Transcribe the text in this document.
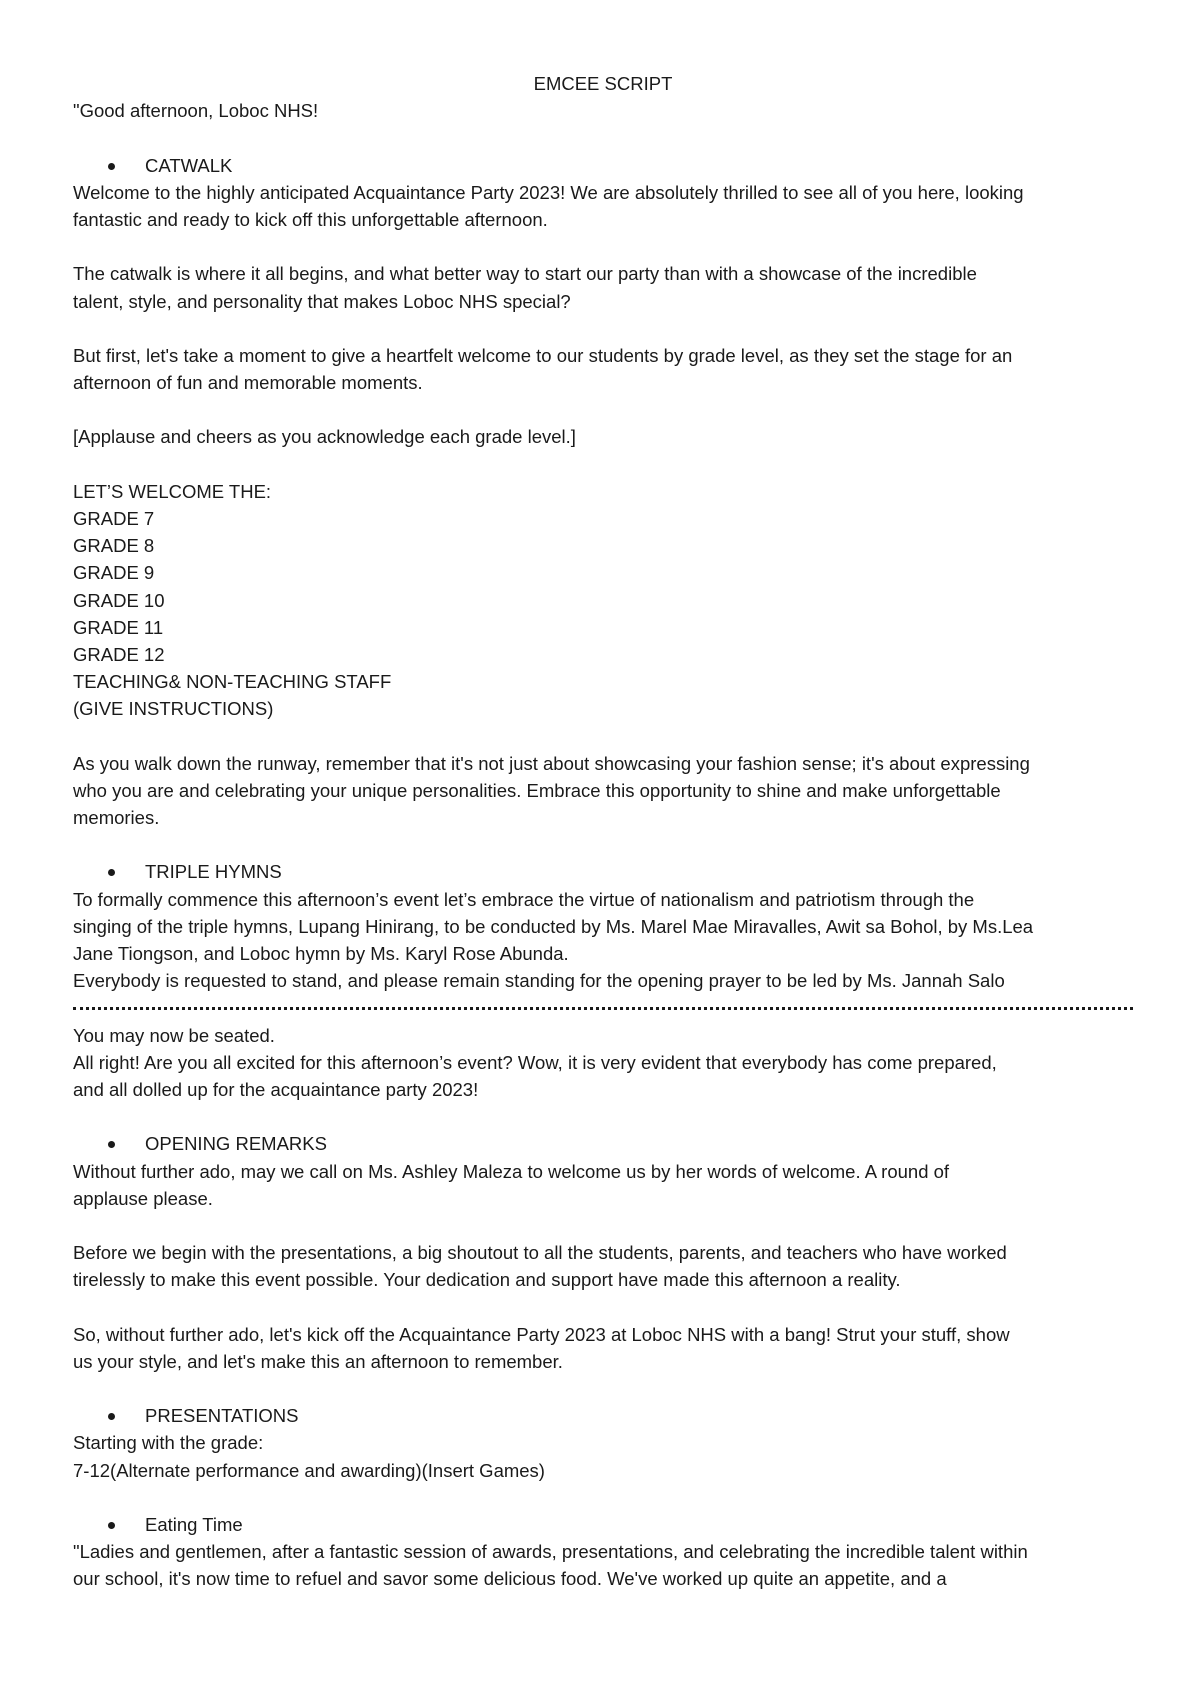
EMCEE SCRIPT
"Good afternoon, Loboc NHS!
CATWALK
Welcome to the highly anticipated Acquaintance Party 2023! We are absolutely thrilled to see all of you here, looking
fantastic and ready to kick off this unforgettable afternoon.
The catwalk is where it all begins, and what better way to start our party than with a showcase of the incredible
talent, style, and personality that makes Loboc NHS special?
But first, let's take a moment to give a heartfelt welcome to our students by grade level, as they set the stage for an
afternoon of fun and memorable moments.
[Applause and cheers as you acknowledge each grade level.]
LET’S WELCOME THE:
GRADE 7
GRADE 8
GRADE 9
GRADE 10
GRADE 11
GRADE 12
TEACHING& NON-TEACHING STAFF
(GIVE INSTRUCTIONS)
As you walk down the runway, remember that it's not just about showcasing your fashion sense; it's about expressing
who you are and celebrating your unique personalities. Embrace this opportunity to shine and make unforgettable
memories.
TRIPLE HYMNS
To formally commence this afternoon’s event let’s embrace the virtue of nationalism and patriotism through the
singing of the triple hymns, Lupang Hinirang, to be conducted by Ms. Marel Mae Miravalles, Awit sa Bohol, by Ms.Lea
Jane Tiongson, and Loboc hymn by Ms. Karyl Rose Abunda.
Everybody is requested to stand, and please remain standing for the opening prayer to be led by Ms. Jannah Salo
You may now be seated.
All right! Are you all excited for this afternoon’s event? Wow, it is very evident that everybody has come prepared,
and all dolled up for the acquaintance party 2023!
OPENING REMARKS
Without further ado, may we call on Ms. Ashley Maleza to welcome us by her words of welcome. A round of
applause please.
Before we begin with the presentations, a big shoutout to all the students, parents, and teachers who have worked
tirelessly to make this event possible. Your dedication and support have made this afternoon a reality.
So, without further ado, let's kick off the Acquaintance Party 2023 at Loboc NHS with a bang! Strut your stuff, show
us your style, and let's make this an afternoon to remember.
PRESENTATIONS
Starting with the grade:
7-12(Alternate performance and awarding)(Insert Games)
Eating Time
"Ladies and gentlemen, after a fantastic session of awards, presentations, and celebrating the incredible talent within
our school, it's now time to refuel and savor some delicious food. We've worked up quite an appetite, and a
